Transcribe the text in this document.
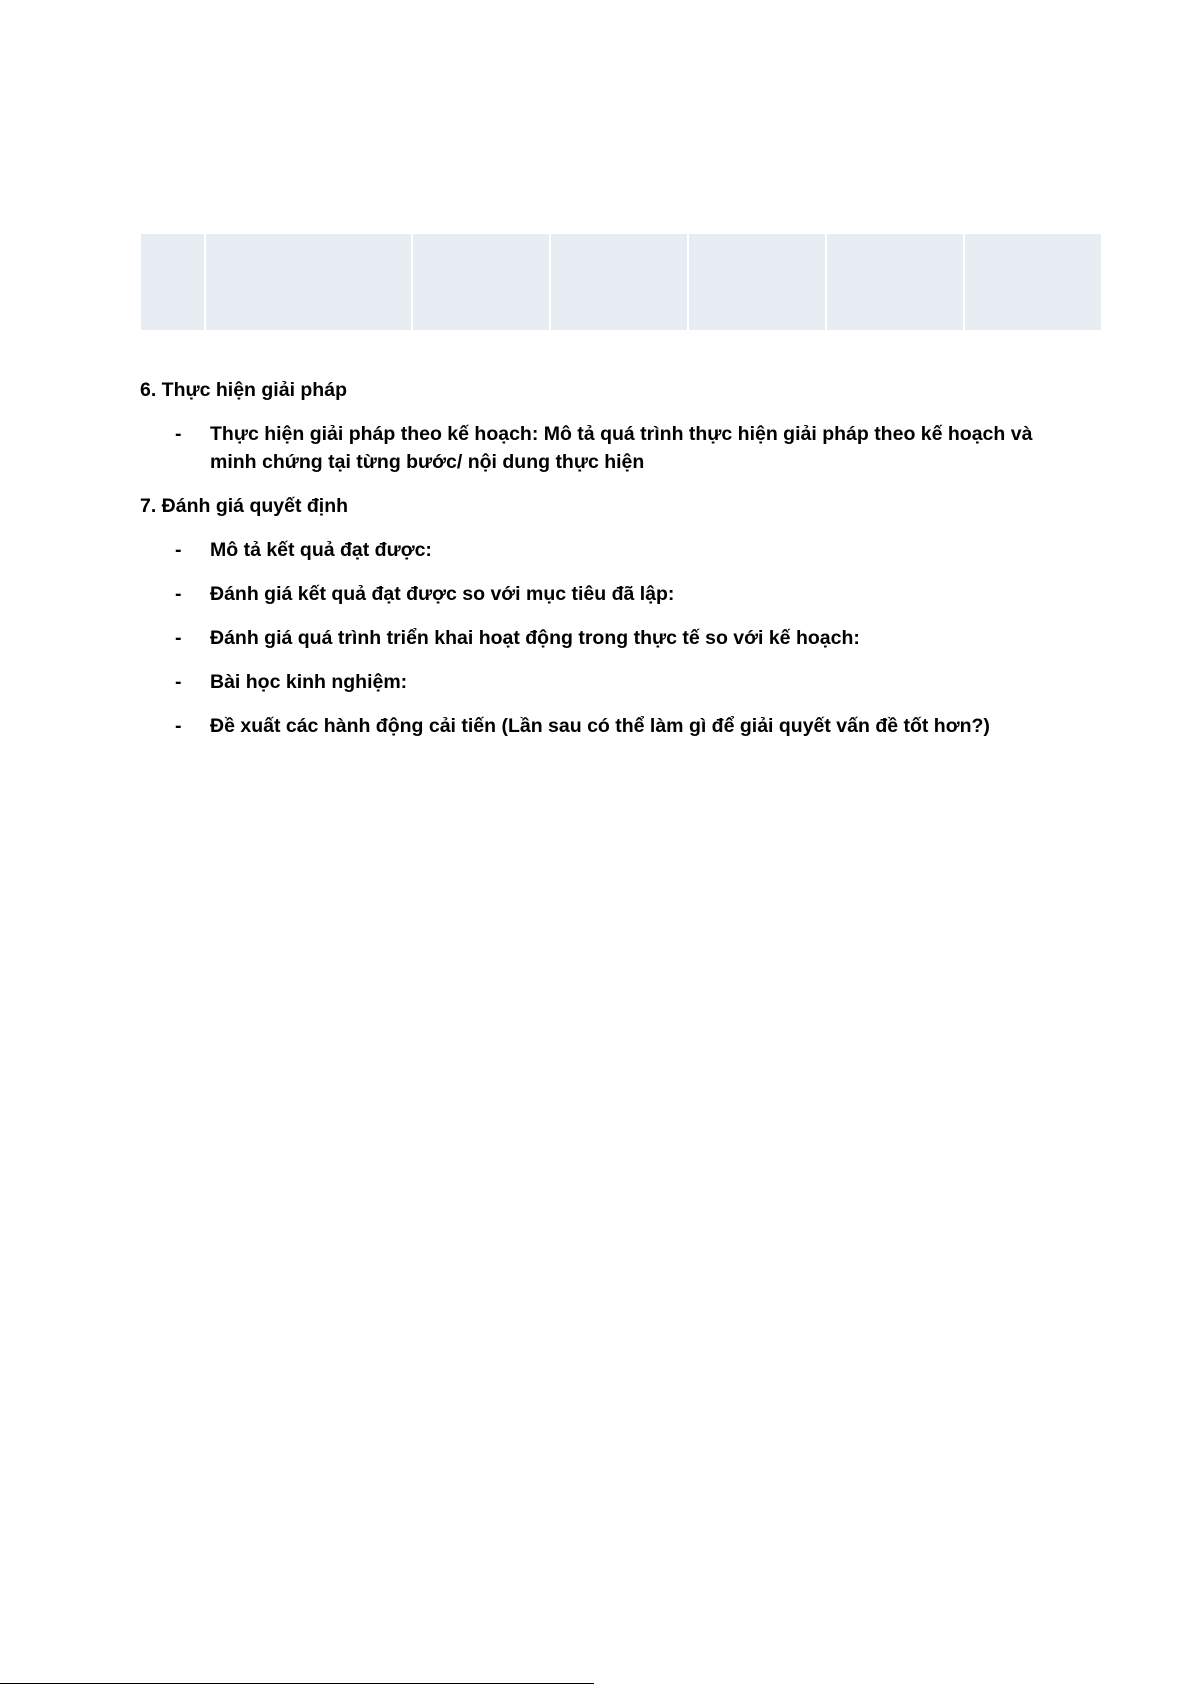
6. Thực hiện giải pháp
-	Thực hiện giải pháp theo kế hoạch: Mô tả quá trình thực hiện giải pháp theo kế hoạch và minh chứng tại từng bước/ nội dung thực hiện
7. Đánh giá quyết định
-	Mô tả kết quả đạt được:
-	Đánh giá kết quả đạt được so với mục tiêu đã lập:
-	Đánh giá quá trình triển khai hoạt động trong thực tế so với kế hoạch:
-	Bài học kinh nghiệm:
-	Đề xuất các hành động cải tiến (Lần sau có thể làm gì để giải quyết vấn đề tốt hơn?)
